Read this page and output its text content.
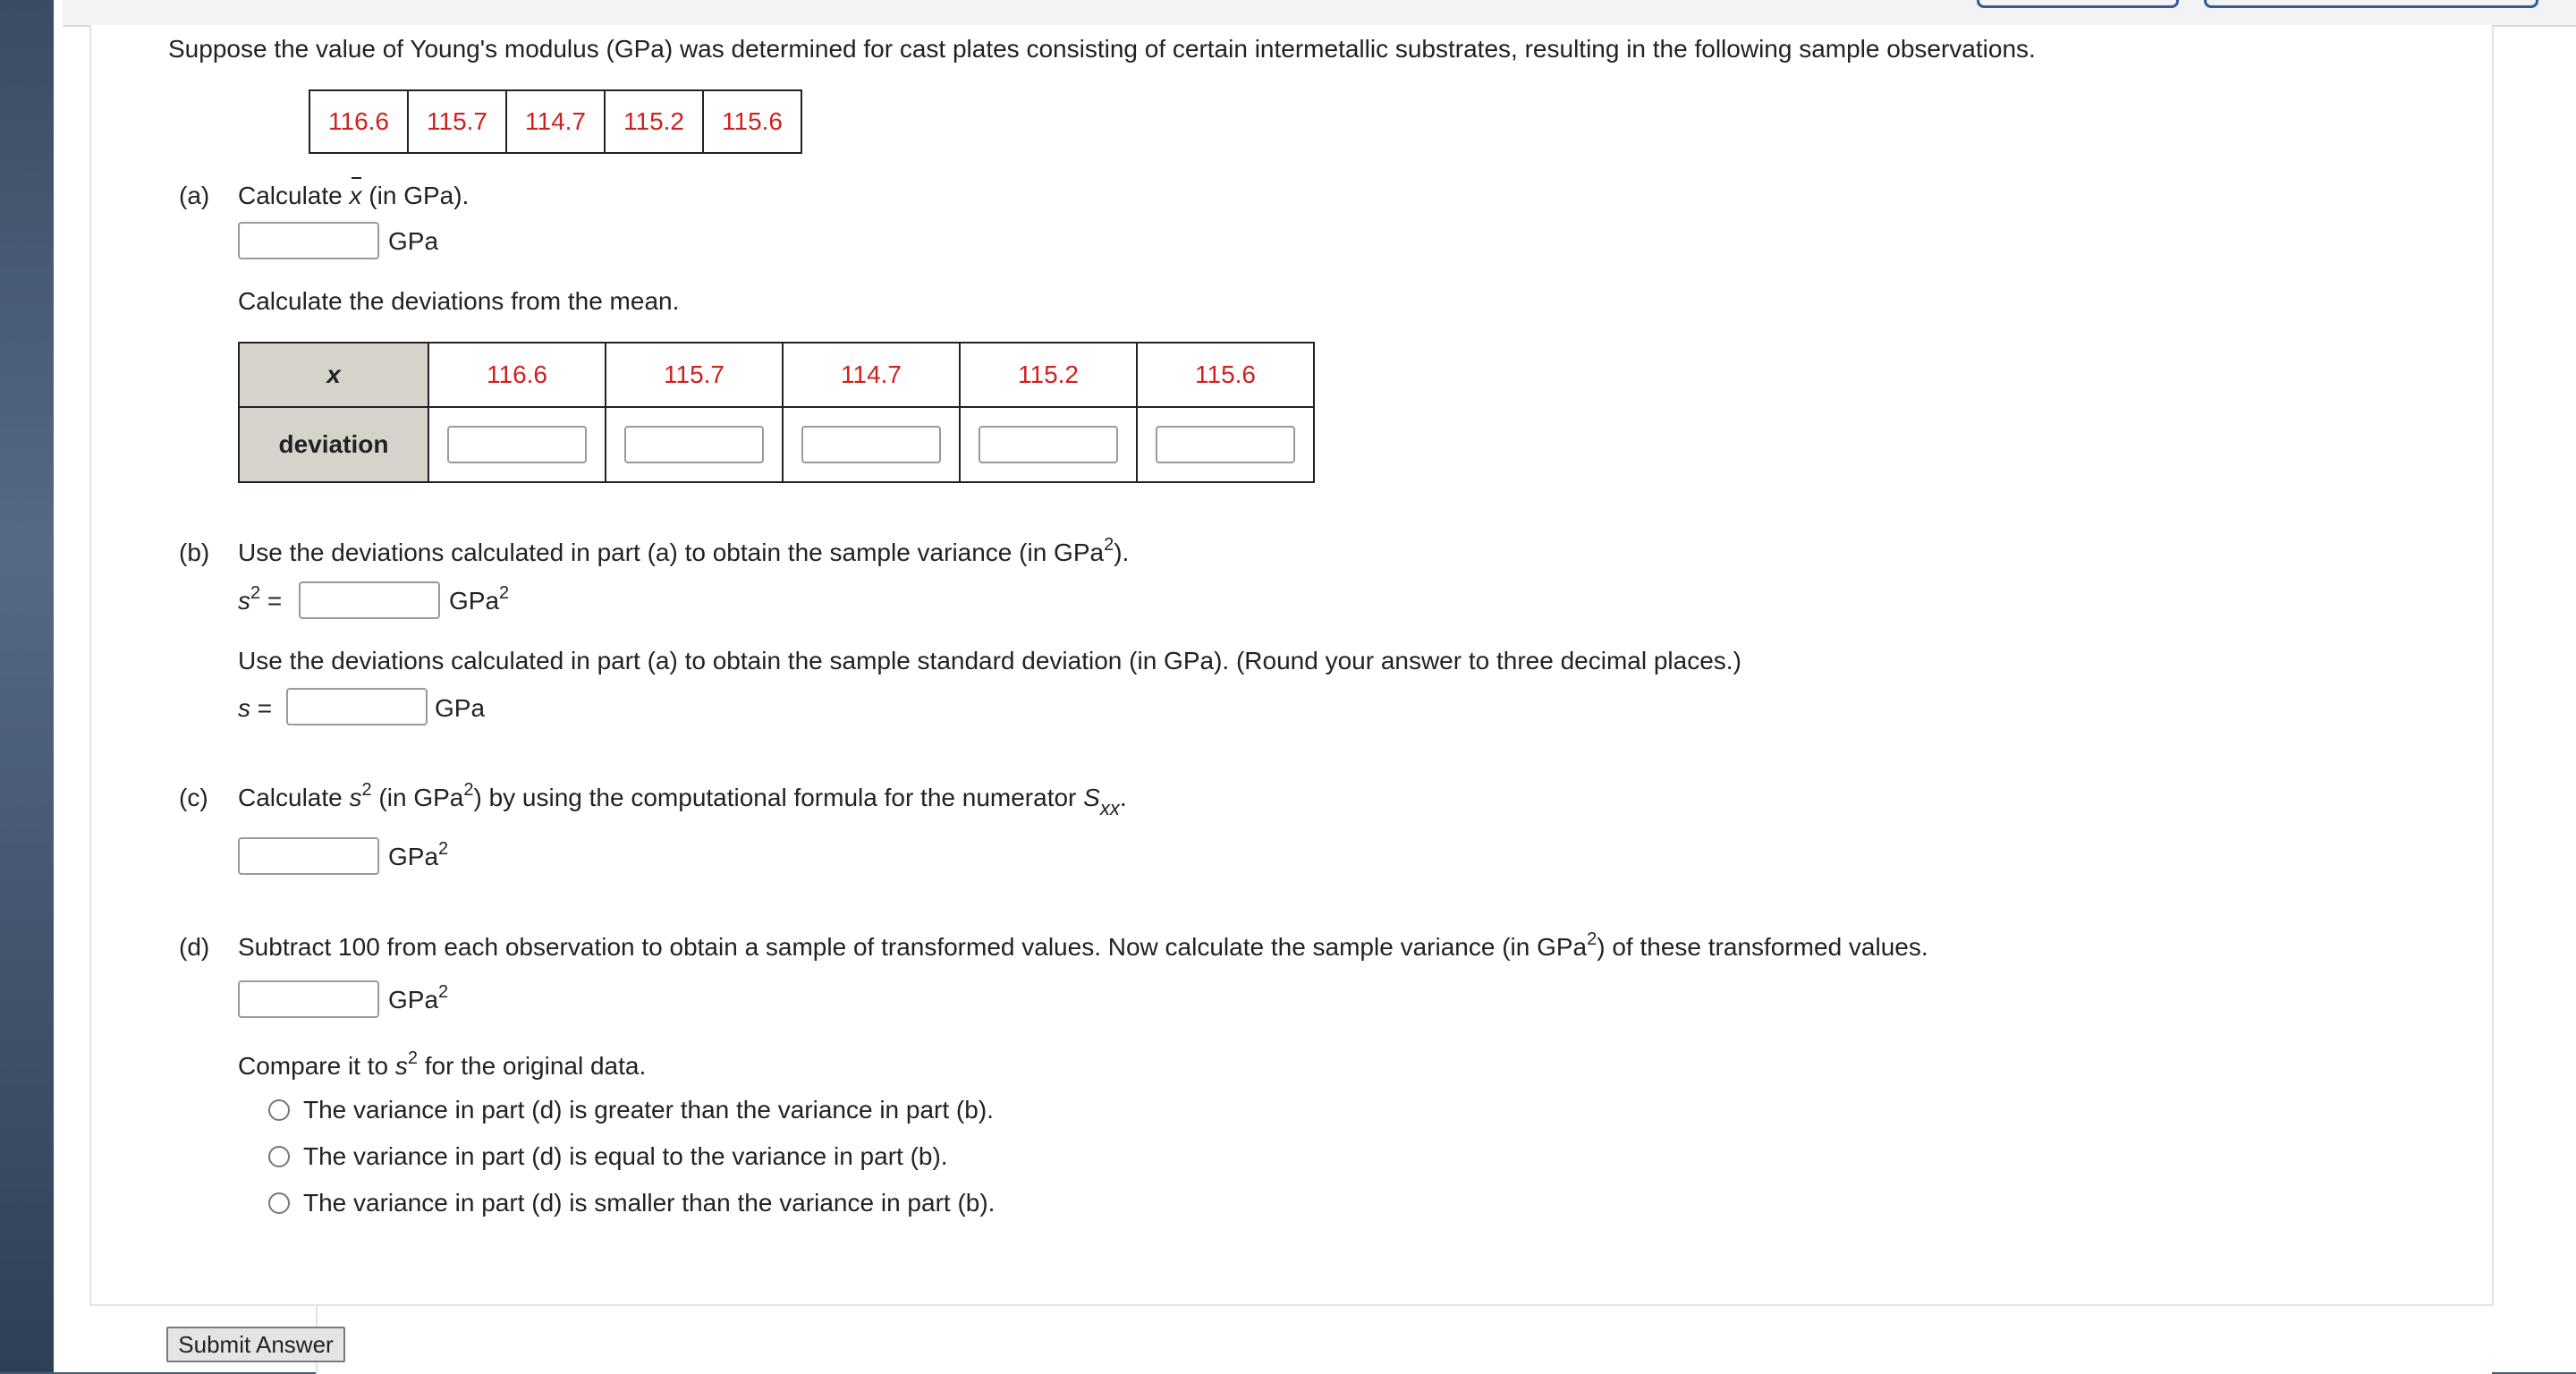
Suppose the value of Young's modulus (GPa) was determined for cast plates consisting of certain intermetallic substrates, resulting in the following sample observations.
116.6	115.7	114.7	115.2	115.6
(a) Calculate x (in GPa).
GPa
Calculate the deviations from the mean.
x	116.6	115.7	114.7	115.2	115.6
deviation					
(b) Use the deviations calculated in part (a) to obtain the sample variance (in GPa$^2$).
$s^2$ =	GPa$^2$
Use the deviations calculated in part (a) to obtain the sample standard deviation (in GPa). (Round your answer to three decimal places.)
s =	GPa
(c) Calculate $s^2$ (in GPa$^2$) by using the computational formula for the numerator $S_{xx}$.
GPa$^2$
(d) Subtract 100 from each observation to obtain a sample of transformed values. Now calculate the sample variance (in GPa$^2$) of these transformed values.
GPa$^2$
Compare it to $s^2$ for the original data.
The variance in part (d) is greater than the variance in part (b).
The variance in part (d) is equal to the variance in part (b).
The variance in part (d) is smaller than the variance in part (b).
Submit Answer
